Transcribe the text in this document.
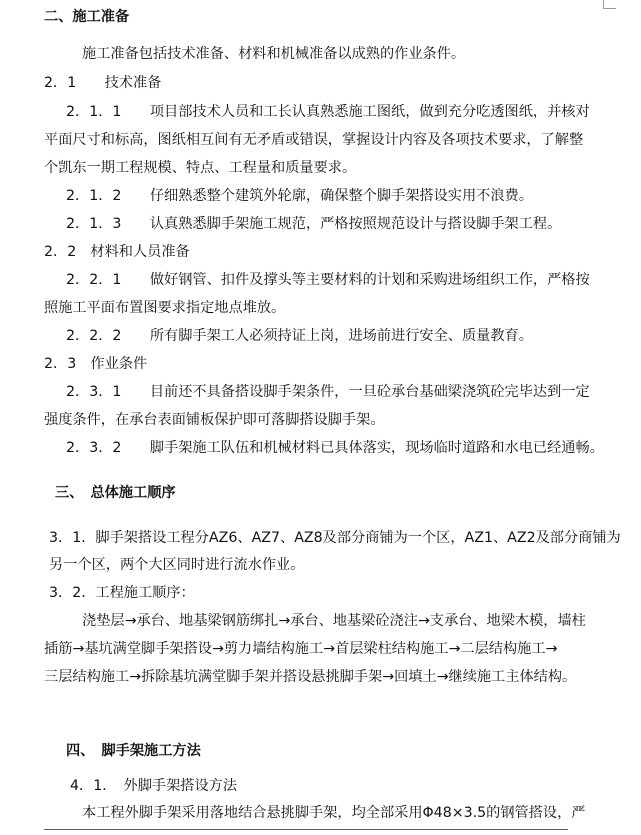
二、施工准备

施工准备包括技术准备、材料和机械准备以成熟的作业条件。

2．1　　技术准备

2．1．1　　项目部技术人员和工长认真熟悉施工图纸，做到充分吃透图纸，并核对

平面尺寸和标高，图纸相互间有无矛盾或错误，掌握设计内容及各项技术要求，了解整

个凯东一期工程规模、特点、工程量和质量要求。

2．1．2　　仔细熟悉整个建筑外轮廓，确保整个脚手架搭设实用不浪费。

2．1．3　　认真熟悉脚手架施工规范，严格按照规范设计与搭设脚手架工程。

2．2　材料和人员准备

2．2．1　　做好钢管、扣件及撑头等主要材料的计划和采购进场组织工作，严格按

照施工平面布置图要求指定地点堆放。

2．2．2　　所有脚手架工人必须持证上岗，进场前进行安全、质量教育。

2．3　作业条件

2．3．1　　目前还不具备搭设脚手架条件，一旦砼承台基础梁浇筑砼完毕达到一定

强度条件，在承台表面铺板保护即可落脚搭设脚手架。

2．3．2　　脚手架施工队伍和机械材料已具体落实，现场临时道路和水电已经通畅。

三、　总体施工顺序

3．1．脚手架搭设工程分AZ6、AZ7、AZ8及部分商铺为一个区，AZ1、AZ2及部分商铺为

另一个区，两个大区同时进行流水作业。

3．2．工程施工顺序：

浇垫层→承台、地基梁钢筋绑扎→承台、地基梁砼浇注→支承台、地梁木模，墙柱

插筋→基坑满堂脚手架搭设→剪力墙结构施工→首层梁柱结构施工→二层结构施工→

三层结构施工→拆除基坑满堂脚手架并搭设悬挑脚手架→回填土→继续施工主体结构。

四、　脚手架施工方法

4．1．　外脚手架搭设方法

本工程外脚手架采用落地结合悬挑脚手架，均全部采用Φ48×3.5的钢管搭设，严
